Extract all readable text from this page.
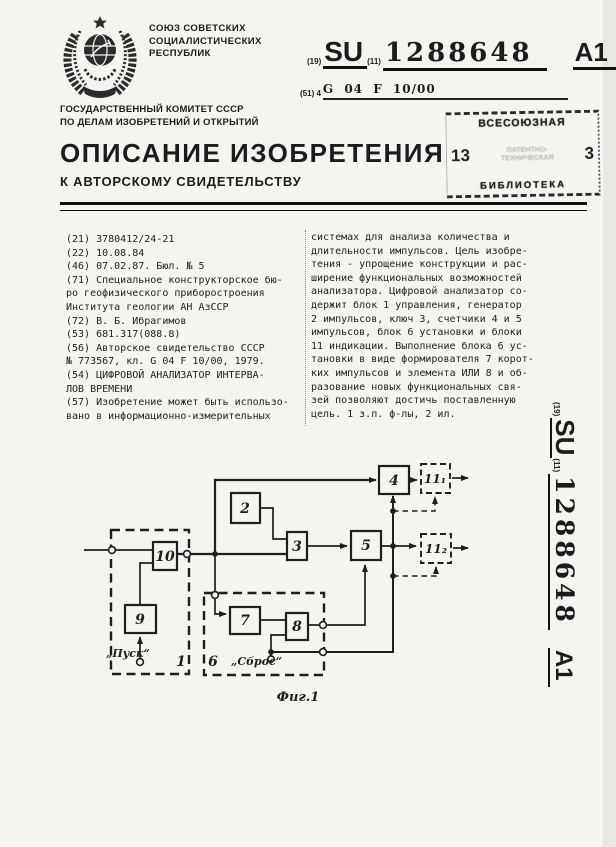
СОЮЗ СОВЕТСКИХ
СОЦИАЛИСТИЧЕСКИХ
РЕСПУБЛИК
(19) SU (11) 1288648	A1
(51) 4 G 04 F 10/00
ГОСУДАРСТВЕННЫЙ КОМИТЕТ СССР
ПО ДЕЛАМ ИЗОБРЕТЕНИЙ И ОТКРЫТИЙ	ВСЕСОЮЗНАЯ
13	ПАТЕНТНО-
ТЕХНИЧЕСКАЯ 3
БИБЛИОТЕКА
ОПИСАНИЕ ИЗОБРЕТЕНИЯ
К АВТОРСКОМУ СВИДЕТЕЛЬСТВУ
(21) 3780412/24-21
(22) 10.08.84
(46) 07.02.87. Бюл. № 5
(71) Специальное конструкторское бю-
ро геофизического приборостроения
Института геологии АН АзССР
(72) В. Б. Ибрагимов
(53) 681.317(088.8)
(56) Авторское свидетельство СССР
№ 773567, кл. G 04 F 10/00, 1979.
(54) ЦИФРОВОЙ АНАЛИЗАТОР ИНТЕРВА-
ЛОВ ВРЕМЕНИ
(57) Изобретение может быть использо-
вано в информационно-измерительных
системах для анализа количества и
длительности импульсов. Цель изобре-
тения - упрощение конструкции и рас-
ширение функциональных возможностей
анализатора. Цифровой анализатор со-
держит блок 1 управления, генератор
2 импульсов, ключ 3, счетчики 4 и 5
импульсов, блок 6 установки и блоки
11 индикации. Выполнение блока 6 ус-
тановки в виде формирователя 7 корот-
ких импульсов и элемента ИЛИ 8 и об-
разование новых функциональных свя-
зей позволяют достичь поставленную
цель. 1 з.п. ф-лы, 2 ил.	(19)
SU
(11)
1288648
A1
10
9
2
3	5
4
7	8
11₁
11₂
1 6
„Пуск“
„Сброс“
Фиг.1
